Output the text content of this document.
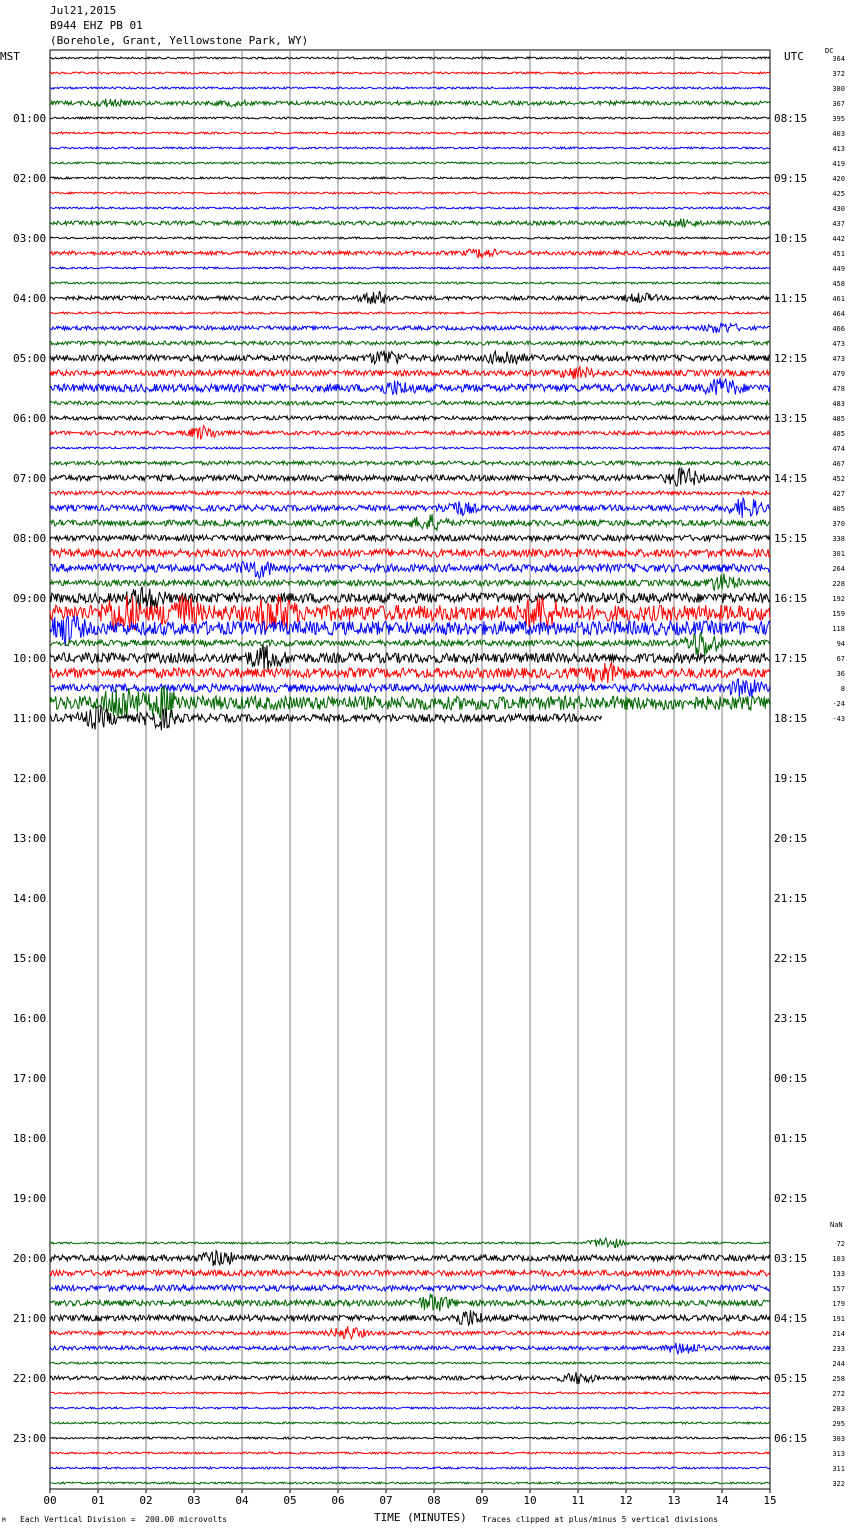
Jul21,2015
B944 EHZ PB 01
(Borehole, Grant, Yellowstone Park, WY)
MST	UTC	DC
NaN
00	01	02	03	04	05	06	07	08	09	10	11	12	13	14	15
01:00	08:15
02:00	09:15
03:00	10:15
04:00	11:15
05:00	12:15
06:00	13:15
07:00	14:15
08:00	15:15
09:00	16:15
10:00	17:15
11:00	18:15
12:00	19:15
13:00	20:15
14:00	21:15
15:00	22:15
16:00	23:15
17:00	00:15
18:00	01:15
19:00	02:15
20:00	03:15
21:00	04:15
22:00	05:15
23:00	06:15
364
372
380
367
395
403
413
419
420
425
430
437
442
451
449
458
461
464
466
473
473
479
478
483
485
485
474
467
452
427
405
370
338
301
264
228
192
159
118
94
67
36
8
-24
-43
72
103
133
157
179
191
214
233
244
258
272
283
295
303
313
311
322
M Each Vertical Division =  200.00 microvolts	TIME (MINUTES) Traces clipped at plus/minus 5 vertical divisions
